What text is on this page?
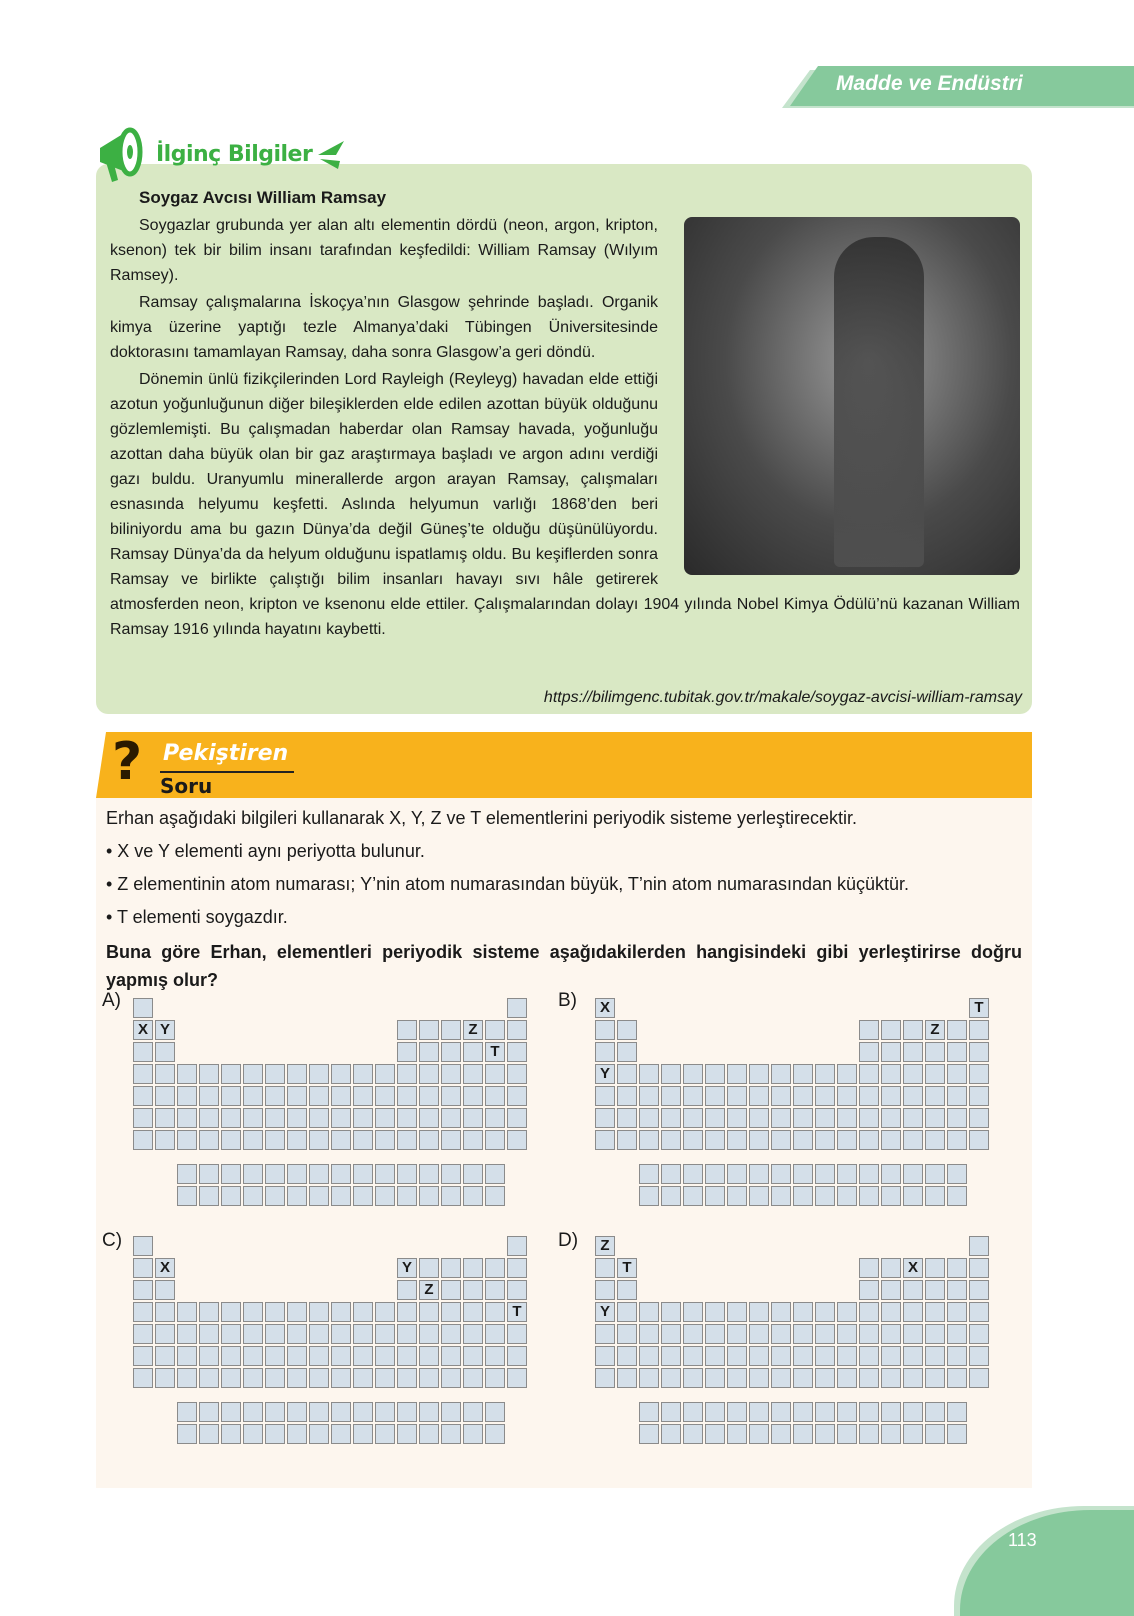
Madde ve Endüstri
İlginç Bilgiler
Soygaz Avcısı William Ramsay

Soygazlar grubunda yer alan altı elementin dördü (neon, argon, kripton, ksenon) tek bir bilim insanı tarafından keşfedildi: William Ramsay (Wılyım Ramsey).

Ramsay çalışmalarına İskoçya’nın Glasgow şehrinde başladı. Organik kimya üzerine yaptığı tezle Almanya’daki Tübingen Üniversitesinde doktorasını tamamlayan Ramsay, daha sonra Glasgow’a geri döndü.

Dönemin ünlü fizikçilerinden Lord Rayleigh (Reyleyg) havadan elde ettiği azotun yoğunluğunun diğer bileşiklerden elde edilen azottan büyük olduğunu gözlemlemişti. Bu çalışmadan haberdar olan Ramsay havada, yoğunluğu azottan daha büyük olan bir gaz araştırmaya başladı ve argon adını verdiği gazı buldu. Uranyumlu minerallerde argon arayan Ramsay, çalışmaları esnasında helyumu keşfetti. Aslında helyumun varlığı 1868’den beri biliniyordu ama bu gazın Dünya’da değil Güneş’te olduğu düşünülüyordu. Ramsay Dünya’da da helyum olduğunu ispatlamış oldu. Bu keşiflerden sonra Ramsay ve birlikte çalıştığı bilim insanları havayı sıvı hâle getirerek atmosferden neon, kripton ve ksenonu elde ettiler. Çalışmalarından dolayı 1904 yılında Nobel Kimya Ödülü’nü kazanan William Ramsay 1916 yılında hayatını kaybetti.

https://bilimgenc.tubitak.gov.tr/makale/soygaz-avcisi-william-ramsay
? Pekiştiren
Soru
Erhan aşağıdaki bilgileri kullanarak X, Y, Z ve T elementlerini periyodik sisteme yerleştirecektir.
• X ve Y elementi aynı periyotta bulunur.
• Z elementinin atom numarası; Y’nin atom numarasından büyük, T’nin atom numarasından küçüktür.
• T elementi soygazdır.
Buna göre Erhan, elementleri periyodik sisteme aşağıdakilerden hangisindeki gibi yerleştirirse doğru yapmış olur?
A)
X Y	Z
T
B)	X	T
Z
Y
C)
X	Y
Z
T
D)	Z
T	X
Y
113
